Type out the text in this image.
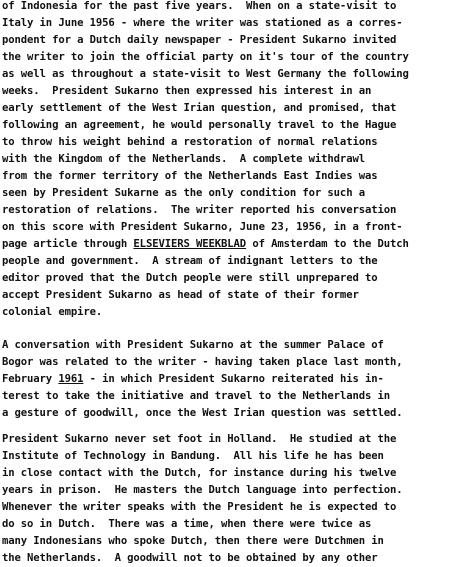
of Indonesia for the past five years.  When on a state-visit to
Italy in June 1956 - where the writer was stationed as a corres-
pondent for a Dutch daily newspaper - President Sukarno invited
the writer to join the official party on it's tour of the country
as well as throughout a state-visit to West Germany the following
weeks.  President Sukarno then expressed his interest in an
early settlement of the West Irian question, and promised, that
following an agreement, he would personally travel to the Hague
to throw his weight behind a restoration of normal relations
with the Kingdom of the Netherlands.  A complete withdrawl
from the former territory of the Netherlands East Indies was
seen by President Sukarne as the only condition for such a
restoration of relations.  The writer reported his conversation
on this score with President Sukarno, June 23, 1956, in a front-
page article through ELSEVIERS WEEKBLAD of Amsterdam to the Dutch
people and government.  A stream of indignant letters to the
editor proved that the Dutch people were still unprepared to
accept President Sukarno as head of state of their former
colonial empire.
A conversation with President Sukarno at the summer Palace of
Bogor was related to the writer - having taken place last month,
February 1961 - in which President Sukarno reiterated his in-
terest to take the initiative and travel to the Netherlands in
a gesture of goodwill, once the West Irian question was settled.
President Sukarno never set foot in Holland.  He studied at the
Institute of Technology in Bandung.  All his life he has been
in close contact with the Dutch, for instance during his twelve
years in prison.  He masters the Dutch language into perfection.
Whenever the writer speaks with the President he is expected to
do so in Dutch.  There was a time, when there were twice as
many Indonesians who spoke Dutch, then there were Dutchmen in
the Netherlands.  A goodwill not to be obtained by any other
